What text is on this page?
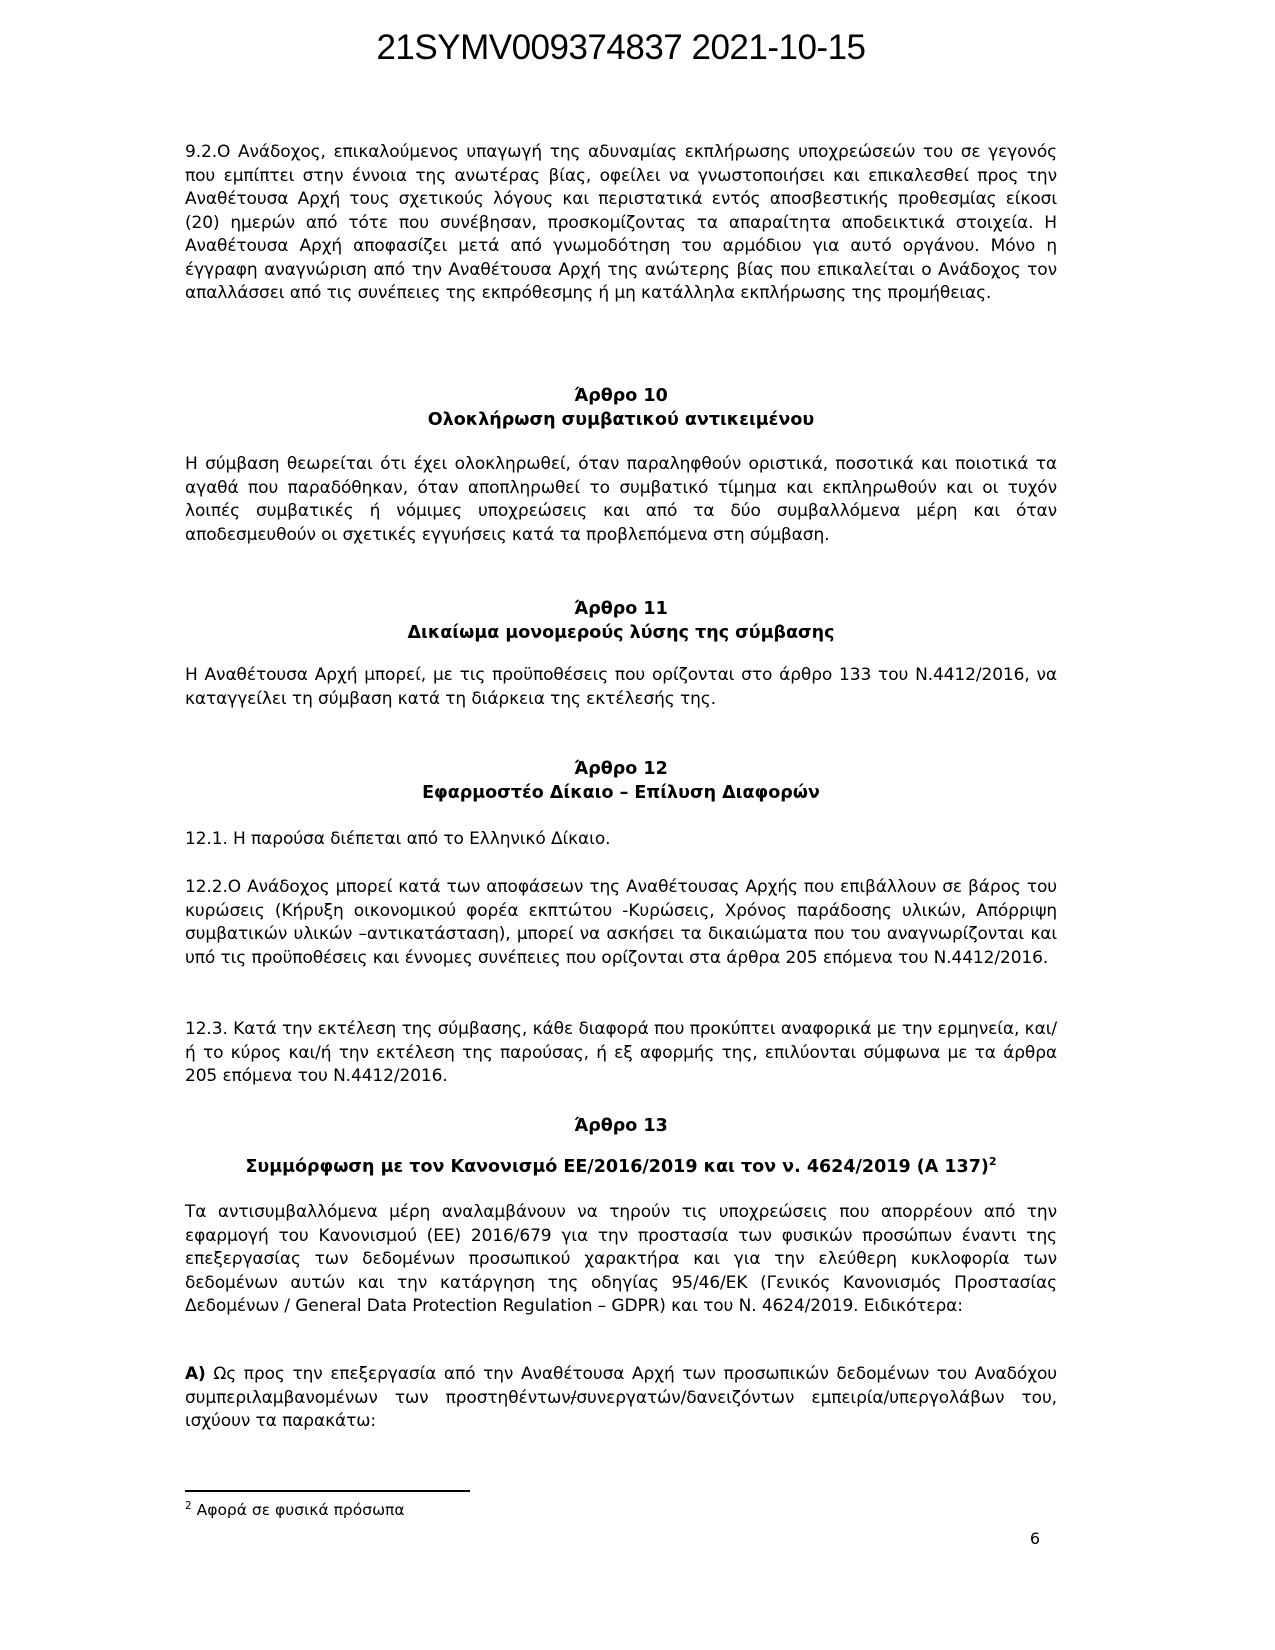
21SYMV009374837 2021-10-15

9.2.Ο Ανάδοχος, επικαλούμενος υπαγωγή της αδυναμίας εκπλήρωσης υποχρεώσεών του σε γεγονός που εμπίπτει στην έννοια της ανωτέρας βίας, οφείλει να γνωστοποιήσει και επικαλεσθεί προς την Αναθέτουσα Αρχή τους σχετικούς λόγους και περιστατικά εντός αποσβεστικής προθεσμίας είκοσι (20) ημερών από τότε που συνέβησαν, προσκομίζοντας τα απαραίτητα αποδεικτικά στοιχεία. Η Αναθέτουσα Αρχή αποφασίζει μετά από γνωμοδότηση του αρμόδιου για αυτό οργάνου. Μόνο η έγγραφη αναγνώριση από την Αναθέτουσα Αρχή της ανώτερης βίας που επικαλείται ο Ανάδοχος τον απαλλάσσει από τις συνέπειες της εκπρόθεσμης ή μη κατάλληλα εκπλήρωσης της προμήθειας.

Άρθρο 10
Ολοκλήρωση συμβατικού αντικειμένου

Η σύμβαση θεωρείται ότι έχει ολοκληρωθεί, όταν παραληφθούν οριστικά, ποσοτικά και ποιοτικά τα αγαθά που παραδόθηκαν, όταν αποπληρωθεί το συμβατικό τίμημα και εκπληρωθούν και οι τυχόν λοιπές συμβατικές ή νόμιμες υποχρεώσεις και από τα δύο συμβαλλόμενα μέρη και όταν αποδεσμευθούν οι σχετικές εγγυήσεις κατά τα προβλεπόμενα στη σύμβαση.

Άρθρο 11
Δικαίωμα μονομερούς λύσης της σύμβασης

Η Αναθέτουσα Αρχή μπορεί, με τις προϋποθέσεις που ορίζονται στο άρθρο 133 του Ν.4412/2016, να καταγγείλει τη σύμβαση κατά τη διάρκεια της εκτέλεσής της.

Άρθρο 12
Εφαρμοστέο Δίκαιο – Επίλυση Διαφορών

12.1. Η παρούσα διέπεται από το Ελληνικό Δίκαιο.

12.2.Ο Ανάδοχος μπορεί κατά των αποφάσεων της Αναθέτουσας Αρχής που επιβάλλουν σε βάρος του κυρώσεις (Κήρυξη οικονομικού φορέα εκπτώτου -Κυρώσεις, Χρόνος παράδοσης υλικών, Απόρριψη συμβατικών υλικών –αντικατάσταση), μπορεί να ασκήσει τα δικαιώματα που του αναγνωρίζονται και υπό τις προϋποθέσεις και έννομες συνέπειες που ορίζονται στα άρθρα 205 επόμενα του Ν.4412/2016.

12.3. Κατά την εκτέλεση της σύμβασης, κάθε διαφορά που προκύπτει αναφορικά με την ερμηνεία, και/ή το κύρος και/ή την εκτέλεση της παρούσας, ή εξ αφορμής της, επιλύονται σύμφωνα με τα άρθρα 205 επόμενα του Ν.4412/2016.

Άρθρο 13
Συμμόρφωση με τον Κανονισμό ΕΕ/2016/2019 και τον ν. 4624/2019 (Α 137)$^2$

Τα αντισυμβαλλόμενα μέρη αναλαμβάνουν να τηρούν τις υποχρεώσεις που απορρέουν από την εφαρμογή του Κανονισμού (ΕΕ) 2016/679 για την προστασία των φυσικών προσώπων έναντι της επεξεργασίας των δεδομένων προσωπικού χαρακτήρα και για την ελεύθερη κυκλοφορία των δεδομένων αυτών και την κατάργηση της οδηγίας 95/46/ΕΚ (Γενικός Κανονισμός Προστασίας Δεδομένων / General Data Protection Regulation – GDPR) και του Ν. 4624/2019. Ειδικότερα:

Α) Ως προς την επεξεργασία από την Αναθέτουσα Αρχή των προσωπικών δεδομένων του Αναδόχου συμπεριλαμβανομένων των προστηθέντων/συνεργατών/δανειζόντων εμπειρία/υπεργολάβων του, ισχύουν τα παρακάτω:

$^2$ Αφορά σε φυσικά πρόσωπα

6
